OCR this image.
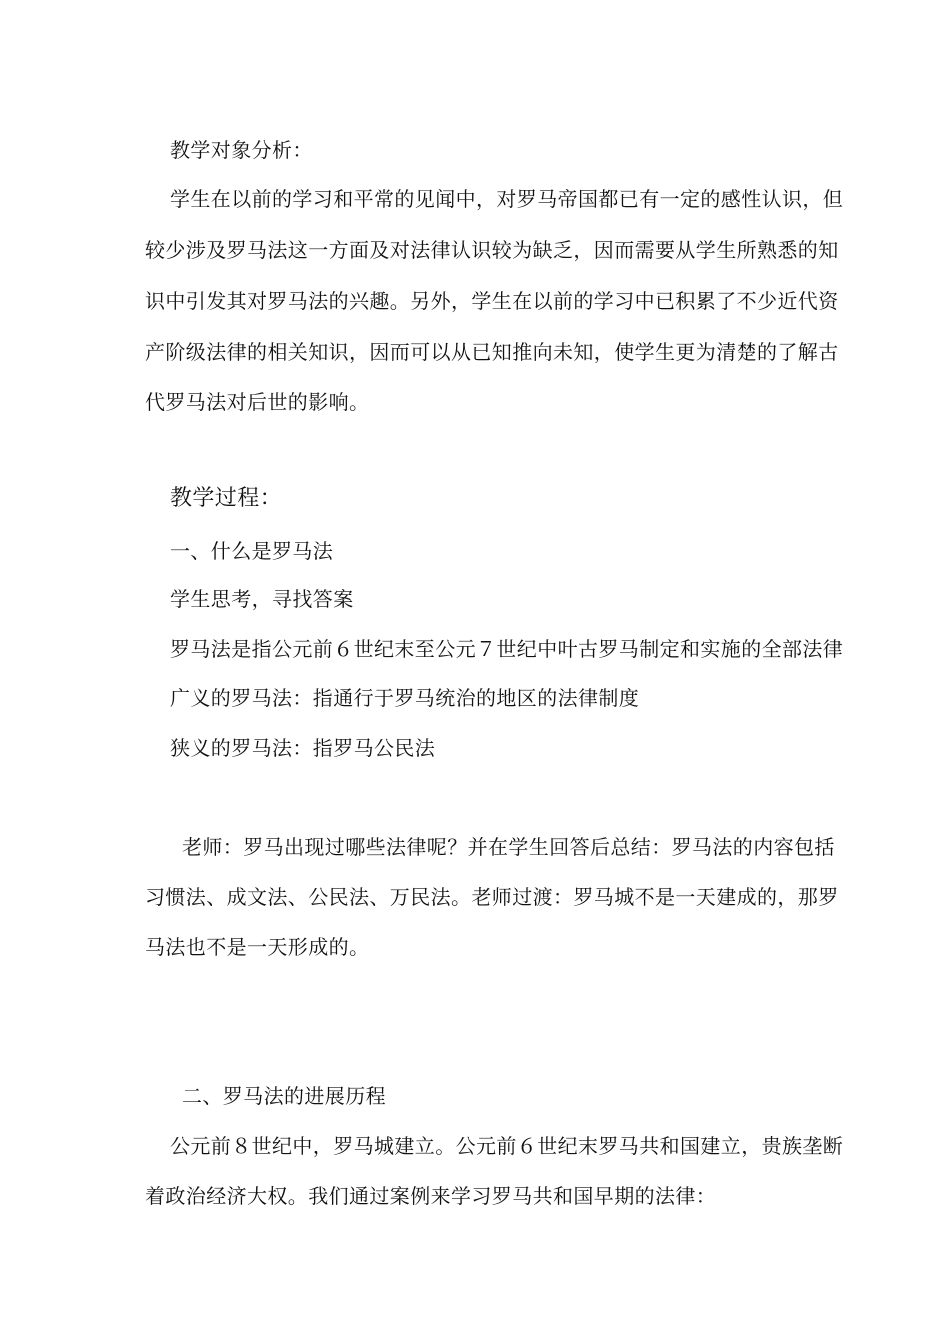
教学对象分析：
学生在以前的学习和平常的见闻中，对罗马帝国都已有一定的感性认识，但
较少涉及罗马法这一方面及对法律认识较为缺乏，因而需要从学生所熟悉的知
识中引发其对罗马法的兴趣。另外，学生在以前的学习中已积累了不少近代资
产阶级法律的相关知识，因而可以从已知推向未知，使学生更为清楚的了解古
代罗马法对后世的影响。
教学过程：
一、什么是罗马法
学生思考，寻找答案
罗马法是指公元前６世纪末至公元７世纪中叶古罗马制定和实施的全部法律
广义的罗马法：指通行于罗马统治的地区的法律制度
狭义的罗马法：指罗马公民法
老师：罗马出现过哪些法律呢？并在学生回答后总结：罗马法的内容包括
习惯法、成文法、公民法、万民法。老师过渡：罗马城不是一天建成的，那罗
马法也不是一天形成的。
二、罗马法的进展历程
公元前８世纪中，罗马城建立。公元前６世纪末罗马共和国建立，贵族垄断
着政治经济大权。我们通过案例来学习罗马共和国早期的法律：
